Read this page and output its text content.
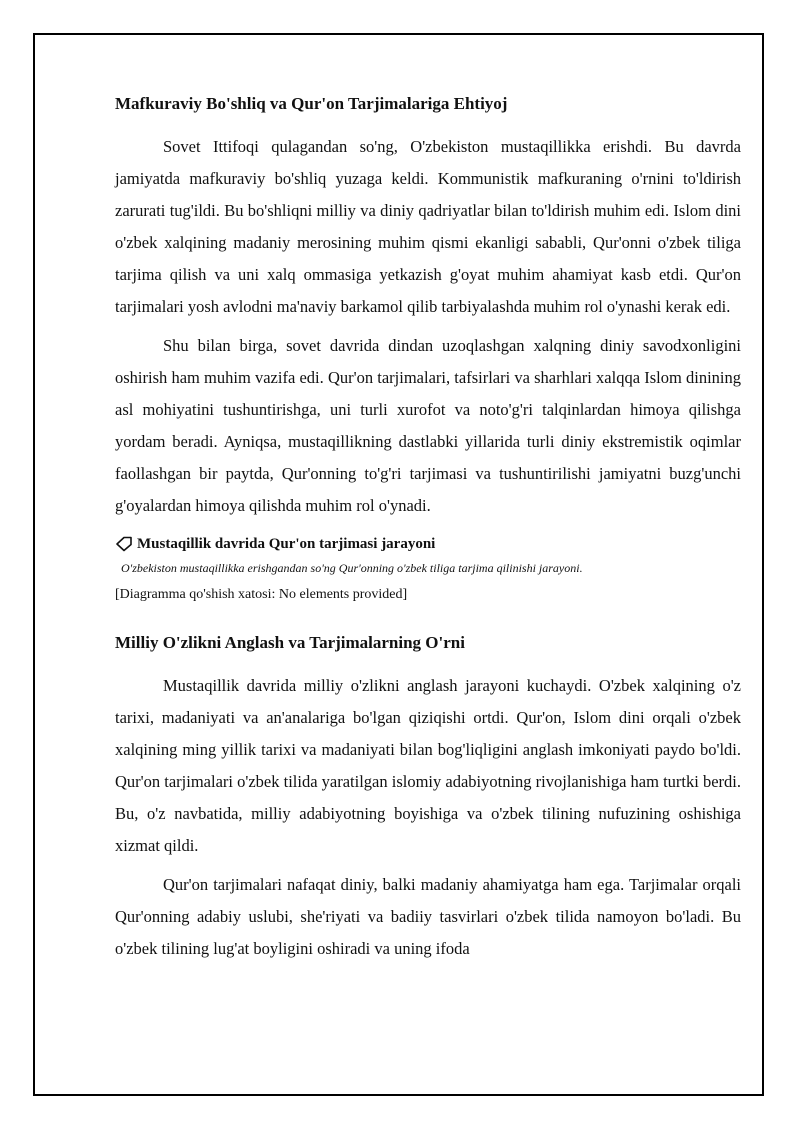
Mafkuraviy Bo'shliq va Qur'on Tarjimalariga Ehtiyoj

Sovet Ittifoqi qulagandan so'ng, O'zbekiston mustaqillikka erishdi. Bu davrda jamiyatda mafkuraviy bo'shliq yuzaga keldi. Kommunistik mafkuraning o'rnini to'ldirish zarurati tug'ildi. Bu bo'shliqni milliy va diniy qadriyatlar bilan to'ldirish muhim edi. Islom dini o'zbek xalqining madaniy merosining muhim qismi ekanligi sababli, Qur'onni o'zbek tiliga tarjima qilish va uni xalq ommasiga yetkazish g'oyat muhim ahamiyat kasb etdi. Qur'on tarjimalari yosh avlodni ma'naviy barkamol qilib tarbiyalashda muhim rol o'ynashi kerak edi.

Shu bilan birga, sovet davrida dindan uzoqlashgan xalqning diniy savodxonligini oshirish ham muhim vazifa edi. Qur'on tarjimalari, tafsirlari va sharhlari xalqqa Islom dinining asl mohiyatini tushuntirishga, uni turli xurofot va noto'g'ri talqinlardan himoya qilishga yordam beradi. Ayniqsa, mustaqillikning dastlabki yillarida turli diniy ekstremistik oqimlar faollashgan bir paytda, Qur'onning to'g'ri tarjimasi va tushuntirilishi jamiyatni buzg'unchi g'oyalardan himoya qilishda muhim rol o'ynadi.

Mustaqillik davrida Qur'on tarjimasi jarayoni
O'zbekiston mustaqillikka erishgandan so'ng Qur'onning o'zbek tiliga tarjima qilinishi jarayoni.
[Diagramma qo'shish xatosi: No elements provided]
Milliy O'zlikni Anglash va Tarjimalarning O'rni

Mustaqillik davrida milliy o'zlikni anglash jarayoni kuchaydi. O'zbek xalqining o'z tarixi, madaniyati va an'analariga bo'lgan qiziqishi ortdi. Qur'on, Islom dini orqali o'zbek xalqining ming yillik tarixi va madaniyati bilan bog'liqligini anglash imkoniyati paydo bo'ldi. Qur'on tarjimalari o'zbek tilida yaratilgan islomiy adabiyotning rivojlanishiga ham turtki berdi. Bu, o'z navbatida, milliy adabiyotning boyishiga va o'zbek tilining nufuzining oshishiga xizmat qildi.

Qur'on tarjimalari nafaqat diniy, balki madaniy ahamiyatga ham ega. Tarjimalar orqali Qur'onning adabiy uslubi, she'riyati va badiiy tasvirlari o'zbek tilida namoyon bo'ladi. Bu o'zbek tilining lug'at boyligini oshiradi va uning ifoda
